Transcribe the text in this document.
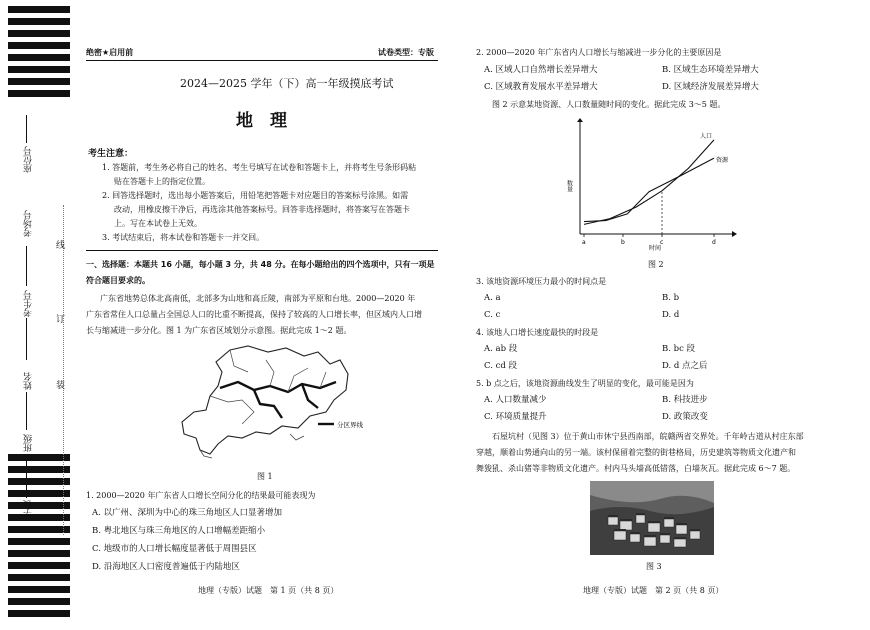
座位号
考场号
考生号
姓名
班级
学校
线
订
装
绝密★启用前	试卷类型：专版
2024—2025 学年（下）高一年级摸底考试
地　理
考生注意：
1. 答题前，考生务必将自己的姓名、考生号填写在试卷和答题卡上，并将考生号条形码粘
贴在答题卡上的指定位置。
2. 回答选择题时，选出每小题答案后，用铅笔把答题卡对应题目的答案标号涂黑。如需
改动，用橡皮擦干净后，再选涂其他答案标号。回答非选择题时，将答案写在答题卡
上。写在本试卷上无效。
3. 考试结束后，将本试卷和答题卡一并交回。
一、选择题：本题共 16 小题，每小题 3 分，共 48 分。在每小题给出的四个选项中，只有一项是
符合题目要求的。
广东省地势总体北高南低，北部多为山地和高丘陵，南部为平原和台地。2000—2020 年
广东省常住人口总量占全国总人口的比重不断提高，保持了较高的人口增长率，但区域内人口增
长与缩减进一步分化。图 1 为广东省区域划分示意图。据此完成 1～2 题。
分区界线
图 1
1. 2000—2020 年广东省人口增长空间分化的结果最可能表现为
A. 以广州、深圳为中心的珠三角地区人口显著增加
B. 粤北地区与珠三角地区的人口增幅差距缩小
C. 地级市的人口增长幅度显著低于周围县区
D. 沿海地区人口密度普遍低于内陆地区
地理（专版）试题　第 1 页（共 8 页）
2. 2000—2020 年广东省内人口增长与缩减进一步分化的主要原因是
A. 区域人口自然增长差异增大	B. 区域生态环境差异增大
C. 区域教育发展水平差异增大	D. 区域经济发展差异增大
图 2 示意某地资源、人口数量随时间的变化。据此完成 3～5 题。
数量
时间
a	b	c	d
人口
资源
图 2
3. 该地资源环境压力最小的时间点是
A. a	B. b
C. c	D. d
4. 该地人口增长速度最快的时段是
A. ab 段	B. bc 段
C. cd 段	D. d 点之后
5. b 点之后，该地资源曲线发生了明显的变化，最可能是因为
A. 人口数量减少	B. 科技进步
C. 环境质量提升	D. 政策改变
石屋坑村（见图 3）位于黄山市休宁县西南部，皖赣两省交界处。千年岭古道从村庄东部
穿越，顺着山势通向山的另一端。该村保留着完整的街巷格局，历史建筑等物质文化遗产和
舞狻犼、杀山猪等非物质文化遗产。村内马头墙高低错落，白墙灰瓦。据此完成 6～7 题。
图 3
地理（专版）试题　第 2 页（共 8 页）
